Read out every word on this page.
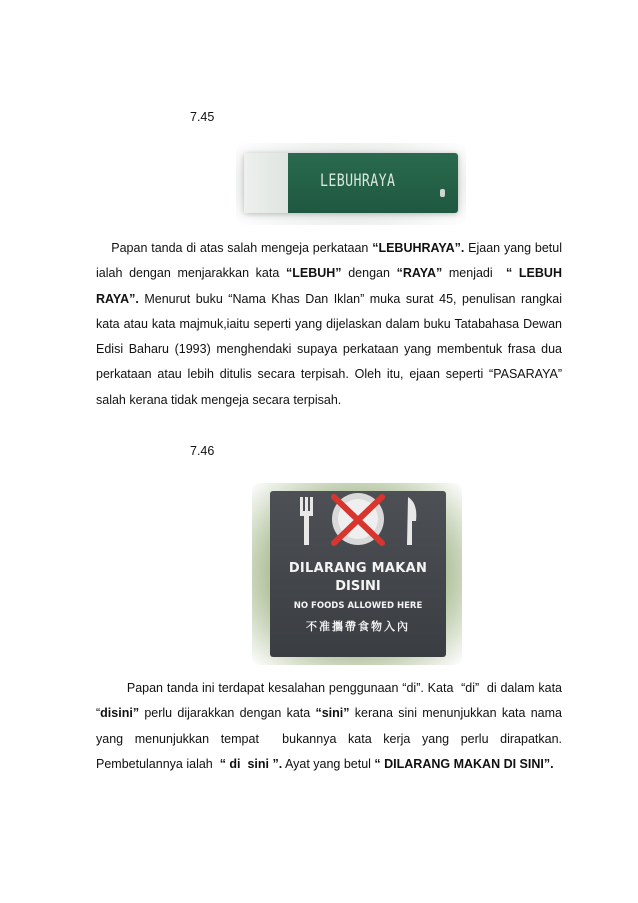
7.45
LEBUHRAYA
Papan tanda di atas salah mengeja perkataan “LEBUHRAYA”. Ejaan yang betul ialah dengan menjarakkan kata “LEBUH” dengan “RAYA” menjadi  “ LEBUH RAYA”. Menurut buku “Nama Khas Dan Iklan” muka surat 45, penulisan rangkai kata atau kata majmuk,iaitu seperti yang dijelaskan dalam buku Tatabahasa Dewan Edisi Baharu (1993) menghendaki supaya perkataan yang membentuk frasa dua perkataan atau lebih ditulis secara terpisah. Oleh itu, ejaan seperti “PASARAYA” salah kerana tidak mengeja secara terpisah.
7.46
DILARANG MAKAN
DISINI
NO FOODS ALLOWED HERE
不准攜帶食物入內
Papan tanda ini terdapat kesalahan penggunaan “di”. Kata  “di”  di dalam kata “disini” perlu dijarakkan dengan kata “sini” kerana sini menunjukkan kata nama yang menunjukkan tempat  bukannya kata kerja yang perlu dirapatkan. Pembetulannya ialah  “ di  sini ”. Ayat yang betul “ DILARANG MAKAN DI SINI”.
